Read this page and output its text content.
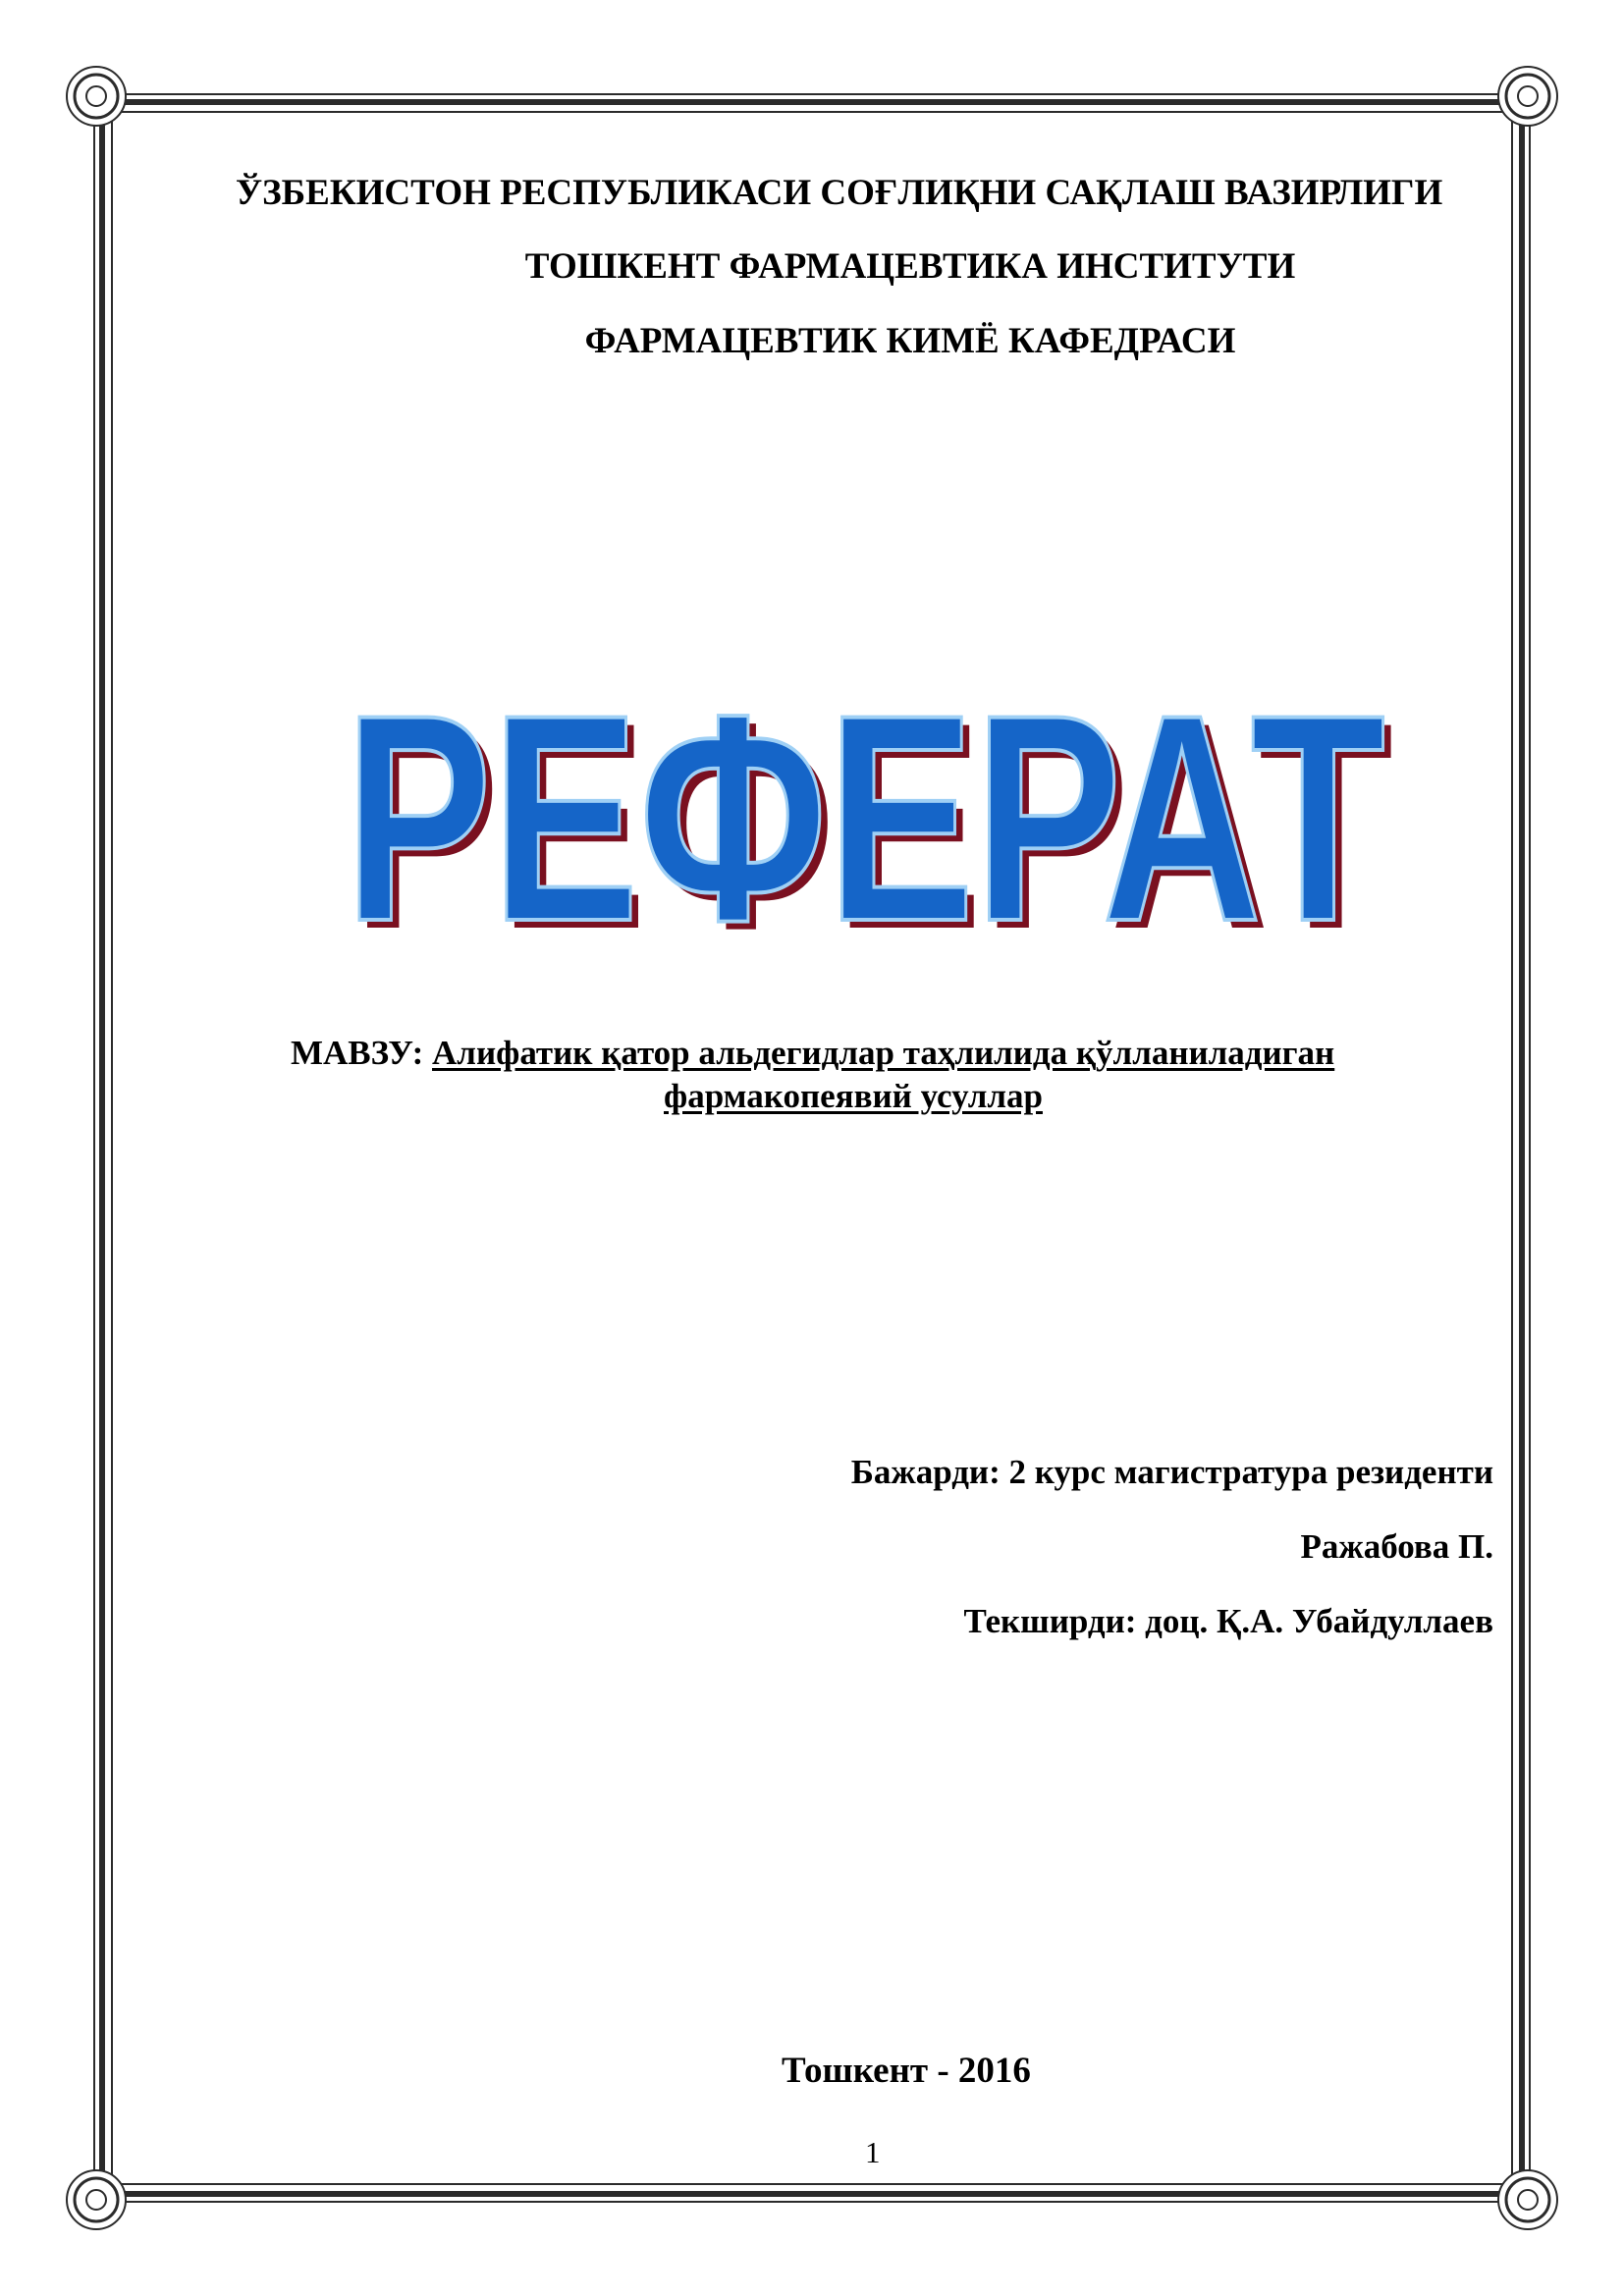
ЎЗБЕКИСТОН РЕСПУБЛИКАСИ СОҒЛИҚНИ САҚЛАШ ВАЗИРЛИГИ
ТОШКЕНТ ФАРМАЦЕВТИКА ИНСТИТУТИ
ФАРМАЦЕВТИК КИМЁ КАФЕДРАСИ
РЕФЕРАТ
РЕФЕРАТ
МАВЗУ: Алифатик қатор альдегидлар таҳлилида қўлланиладиган
фармакопеявий усуллар
Бажарди: 2 курс магистратура резиденти
Ражабова П.
Текширди: доц. Қ.А. Убайдуллаев
Тошкент - 2016
1
